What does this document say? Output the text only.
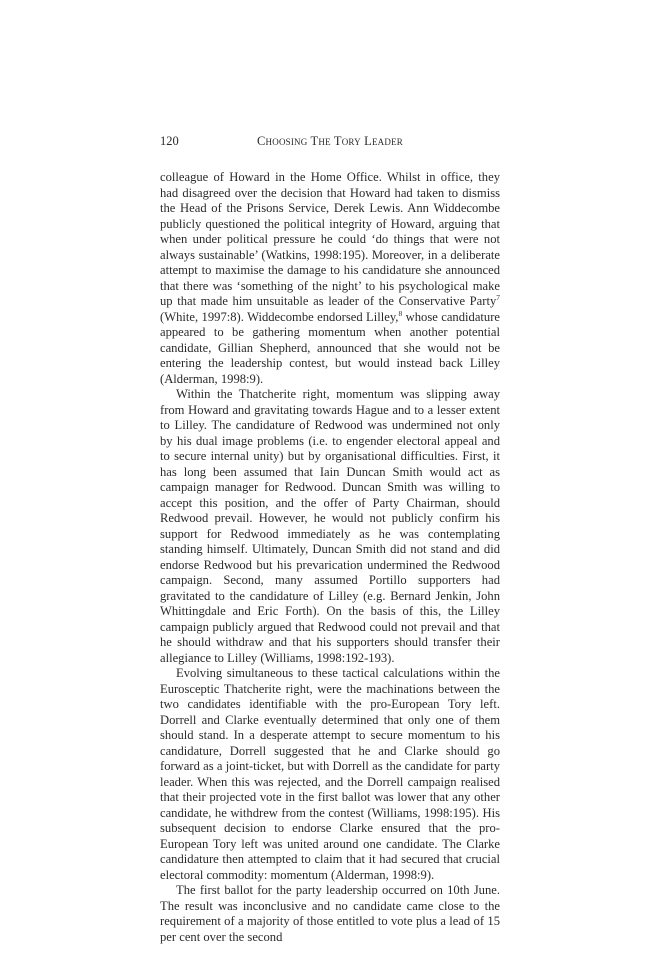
120	Choosing The Tory Leader

colleague of Howard in the Home Office. Whilst in office, they had disagreed over the decision that Howard had taken to dismiss the Head of the Prisons Service, Derek Lewis. Ann Widdecombe publicly questioned the political integrity of Howard, arguing that when under political pressure he could ‘do things that were not always sustainable’ (Watkins, 1998:195). Moreover, in a deliberate attempt to maximise the damage to his candidature she announced that there was ‘something of the night’ to his psychological make up that made him unsuitable as leader of the Conservative Party$^7$ (White, 1997:8). Widdecombe endorsed Lilley,$^8$ whose candidature appeared to be gathering momentum when another potential candidate, Gillian Shepherd, announced that she would not be entering the leadership contest, but would instead back Lilley (Alderman, 1998:9).

Within the Thatcherite right, momentum was slipping away from Howard and gravitating towards Hague and to a lesser extent to Lilley. The candidature of Redwood was undermined not only by his dual image problems (i.e. to engender electoral appeal and to secure internal unity) but by organisational difficulties. First, it has long been assumed that Iain Duncan Smith would act as campaign manager for Redwood. Duncan Smith was willing to accept this position, and the offer of Party Chairman, should Redwood prevail. However, he would not publicly confirm his support for Redwood immediately as he was contemplating standing himself. Ultimately, Duncan Smith did not stand and did endorse Redwood but his prevarication undermined the Redwood campaign. Second, many assumed Portillo supporters had gravitated to the candidature of Lilley (e.g. Bernard Jenkin, John Whittingdale and Eric Forth). On the basis of this, the Lilley campaign publicly argued that Redwood could not prevail and that he should withdraw and that his supporters should transfer their allegiance to Lilley (Williams, 1998:192-193).

Evolving simultaneous to these tactical calculations within the Eurosceptic Thatcherite right, were the machinations between the two candidates identifiable with the pro-European Tory left. Dorrell and Clarke eventually determined that only one of them should stand. In a desperate attempt to secure momentum to his candidature, Dorrell suggested that he and Clarke should go forward as a joint-ticket, but with Dorrell as the candidate for party leader. When this was rejected, and the Dorrell campaign realised that their projected vote in the first ballot was lower that any other candidate, he withdrew from the contest (Williams, 1998:195). His subsequent decision to endorse Clarke ensured that the pro-European Tory left was united around one candidate. The Clarke candidature then attempted to claim that it had secured that crucial electoral commodity: momentum (Alderman, 1998:9).

The first ballot for the party leadership occurred on 10th June. The result was inconclusive and no candidate came close to the requirement of a majority of those entitled to vote plus a lead of 15 per cent over the second
